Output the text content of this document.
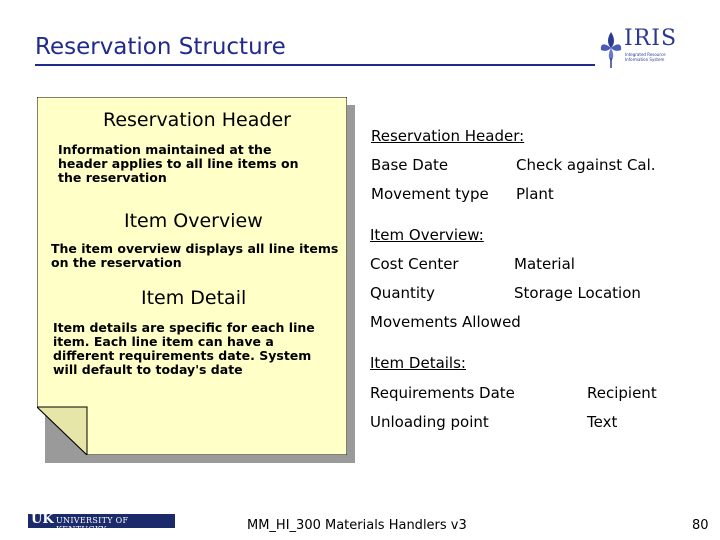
Reservation Structure	IRIS
Integrated Resource Information System
Reservation Header
Information maintained at the header applies to all line items on the reservation
Item Overview
The item overview displays all line items on the reservation
Item Detail
Item details are specific for each line item. Each line item can have a different requirements date. System will default to today's date
Reservation Header:
Base Date	Check against Cal.
Movement type Plant
Item Overview:
Cost Center	Material
Quantity	Storage Location
Movements Allowed
Item Details:
Requirements Date	Recipient
Unloading point	Text
UK UNIVERSITY OF KENTUCKY	MM_HI_300 Materials Handlers v3	80
